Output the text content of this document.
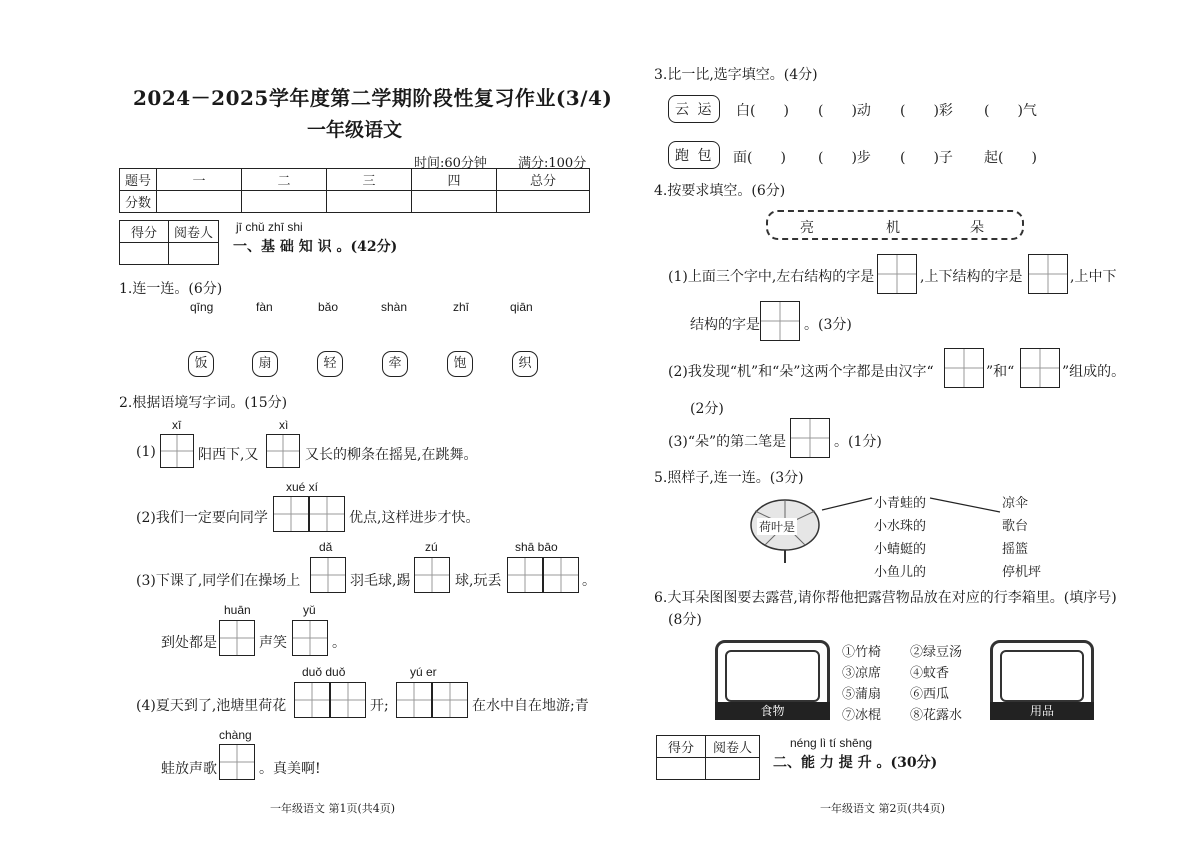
2024－2025学年度第二学期阶段性复习作业(3/4)
一年级语文
时间:60分钟 满分:100分
题号	一	二	三	四	总分
分数					
得分	阅卷人
	jī chǔ zhī shi
一、基 础 知 识 。(42分)
1.连一连。(6分)
qīng	fàn	bǎo	shàn	zhī	qiān
饭	扇	轻	牵	饱	织
2.根据语境写字词。(15分)
xī	xì
(1)	阳西下,又	又长的柳条在摇晃,在跳舞。
xué xí
(2)我们一定要向同学	优点,这样进步才快。
dǎ	zú	shā bāo
(3)下课了,同学们在操场上	羽毛球,踢	球,玩丢	。
huān	yǔ
到处都是	声笑	。
duǒ duǒ	yú er
(4)夏天到了,池塘里荷花	开;	在水中自在地游;青
chàng
蛙放声歌	。真美啊!
一年级语文 第1页(共4页)
3.比一比,选字填空。(4分)
云 运	白(　　) (　　)动 (　　)彩 (　　)气
跑 包	面(　　) (　　)步 (　　)子 起(　　)
4.按要求填空。(6分)
亮	机	朵
(1)上面三个字中,左右结构的字是	,上下结构的字是	,上中下
结构的字是	。(3分)
(2)我发现“机”和“朵”这两个字都是由汉字“	”和“	”组成的。
(2分)
(3)“朵”的第二笔是	。(1分)
5.照样子,连一连。(3分)
荷叶是
小青蛙的
小水珠的
小蜻蜓的
小鱼儿的
凉伞
歌台
摇篮
停机坪
6.大耳朵图图要去露营,请你帮他把露营物品放在对应的行李箱里。(填序号)
(8分)
食物
①竹椅 ②绿豆汤
③凉席 ④蚊香
⑤蒲扇 ⑥西瓜
⑦冰棍 ⑧花露水	用品
得分	阅卷人
		néng lì tí shēng
二、能 力 提 升 。(30分)
一年级语文 第2页(共4页)
